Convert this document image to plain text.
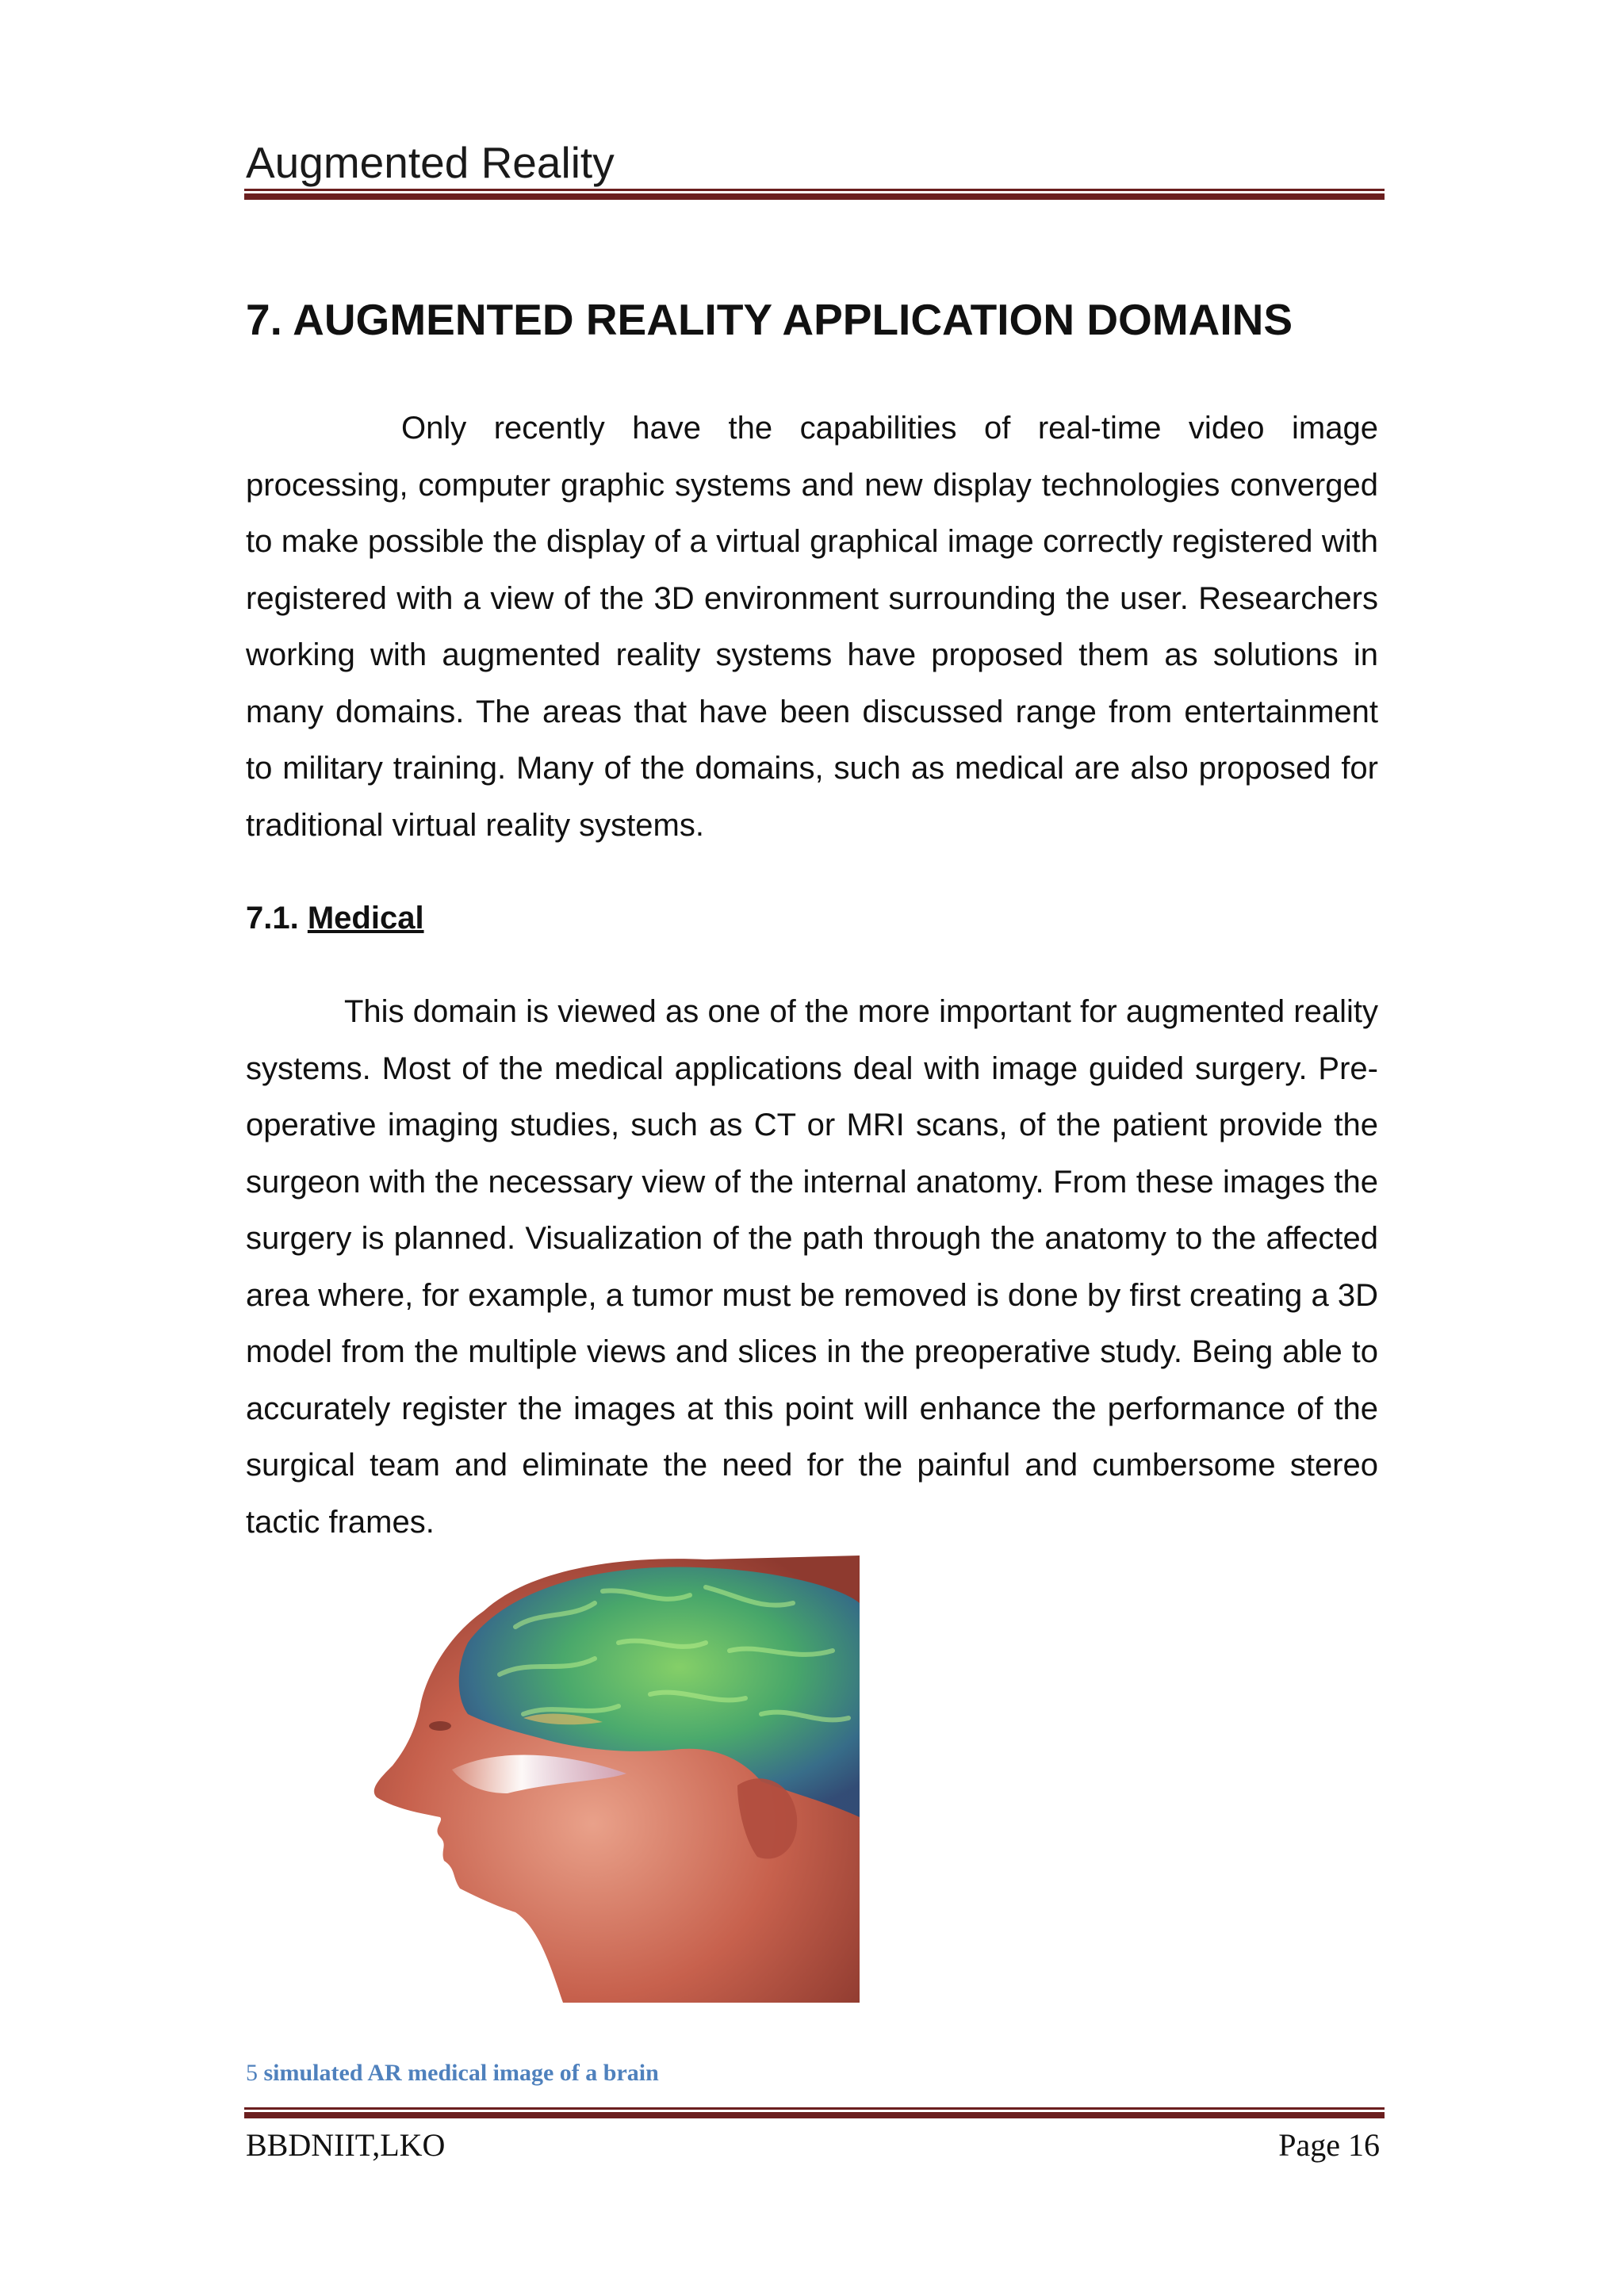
Augmented Reality
7. AUGMENTED REALITY APPLICATION DOMAINS

Only recently have the capabilities of real-time video image processing, computer graphic systems and new display technologies converged to make possible the display of a virtual graphical image correctly registered with registered with a view of the 3D environment surrounding the user. Researchers working with augmented reality systems have proposed them as solutions in many domains. The areas that have been discussed range from entertainment to military training. Many of the domains, such as medical are also proposed for traditional virtual reality systems.

7.1. Medical

This domain is viewed as one of the more important for augmented reality systems. Most of the medical applications deal with image guided surgery. Pre-operative imaging studies, such as CT or MRI scans, of the patient provide the surgeon with the necessary view of the internal anatomy. From these images the surgery is planned. Visualization of the path through the anatomy to the affected area where, for example, a tumor must be removed is done by first creating a 3D model from the multiple views and slices in the preoperative study. Being able to accurately register the images at this point will enhance the performance of the surgical team and eliminate the need for the painful and cumbersome stereo tactic frames.

5 simulated AR medical image of a brain
BBDNIIT,LKO	Page 16
